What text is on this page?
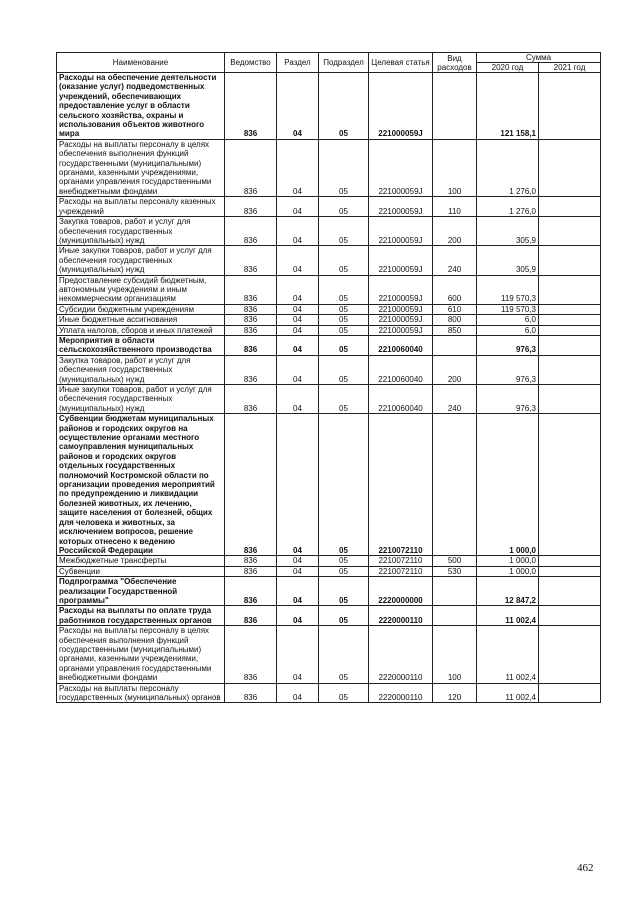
Наименование	Ведомство	Раздел	Подраздел	Целевая статья	Вид расходов	Сумма	
						2020 год	2021 год
Расходы на обеспечение деятельности (оказание услуг) подведомственных учреждений, обеспечивающих предоставление услуг в области сельского хозяйства, охраны и использования объектов животного мира	836	04	05	221000059J		121 158,1	
Расходы на выплаты персоналу в целях обеспечения выполнения функций государственными (муниципальными) органами, казенными учреждениями, органами управления государственными внебюджетными фондами	836	04	05	221000059J	100	1 276,0	
Расходы на выплаты персоналу казенных учреждений	836	04	05	221000059J	110	1 276,0	
Закупка товаров, работ и услуг для обеспечения государственных (муниципальных) нужд	836	04	05	221000059J	200	305,9	
Иные закупки товаров, работ и услуг для обеспечения государственных (муниципальных) нужд	836	04	05	221000059J	240	305,9	
Предоставление субсидий бюджетным, автономным учреждениям и иным некоммерческим организациям	836	04	05	221000059J	600	119 570,3	
Субсидии бюджетным учреждениям	836	04	05	221000059J	610	119 570,3	
Иные бюджетные ассигнования	836	04	05	221000059J	800	6,0	
Уплата налогов, сборов и иных платежей	836	04	05	221000059J	850	6,0	
Мероприятия в области сельскохозяйственного производства	836	04	05	2210060040		976,3	
Закупка товаров, работ и услуг для обеспечения государственных (муниципальных) нужд	836	04	05	2210060040	200	976,3	
Иные закупки товаров, работ и услуг для обеспечения государственных (муниципальных) нужд	836	04	05	2210060040	240	976,3	
Субвенции бюджетам муниципальных районов и городских округов на осуществление органами местного самоуправления муниципальных районов и городских округов отдельных государственных полномочий Костромской области по организации проведения мероприятий по предупреждению и ликвидации болезней животных, их лечению, защите населения от болезней, общих для человека и животных, за исключением вопросов, решение которых отнесено к ведению Российской Федерации	836	04	05	2210072110		1 000,0	
Межбюджетные трансферты	836	04	05	2210072110	500	1 000,0	
Субвенции	836	04	05	2210072110	530	1 000,0	
Подпрограмма "Обеспечение реализации Государственной программы"	836	04	05	2220000000		12 847,2	
Расходы на выплаты по оплате труда работников государственных органов	836	04	05	2220000110		11 002,4	
Расходы на выплаты персоналу в целях обеспечения выполнения функций государственными (муниципальными) органами, казенными учреждениями, органами управления государственными внебюджетными фондами	836	04	05	2220000110	100	11 002,4	
Расходы на выплаты персоналу государственных (муниципальных) органов	836	04	05	2220000110	120	11 002,4	
462
